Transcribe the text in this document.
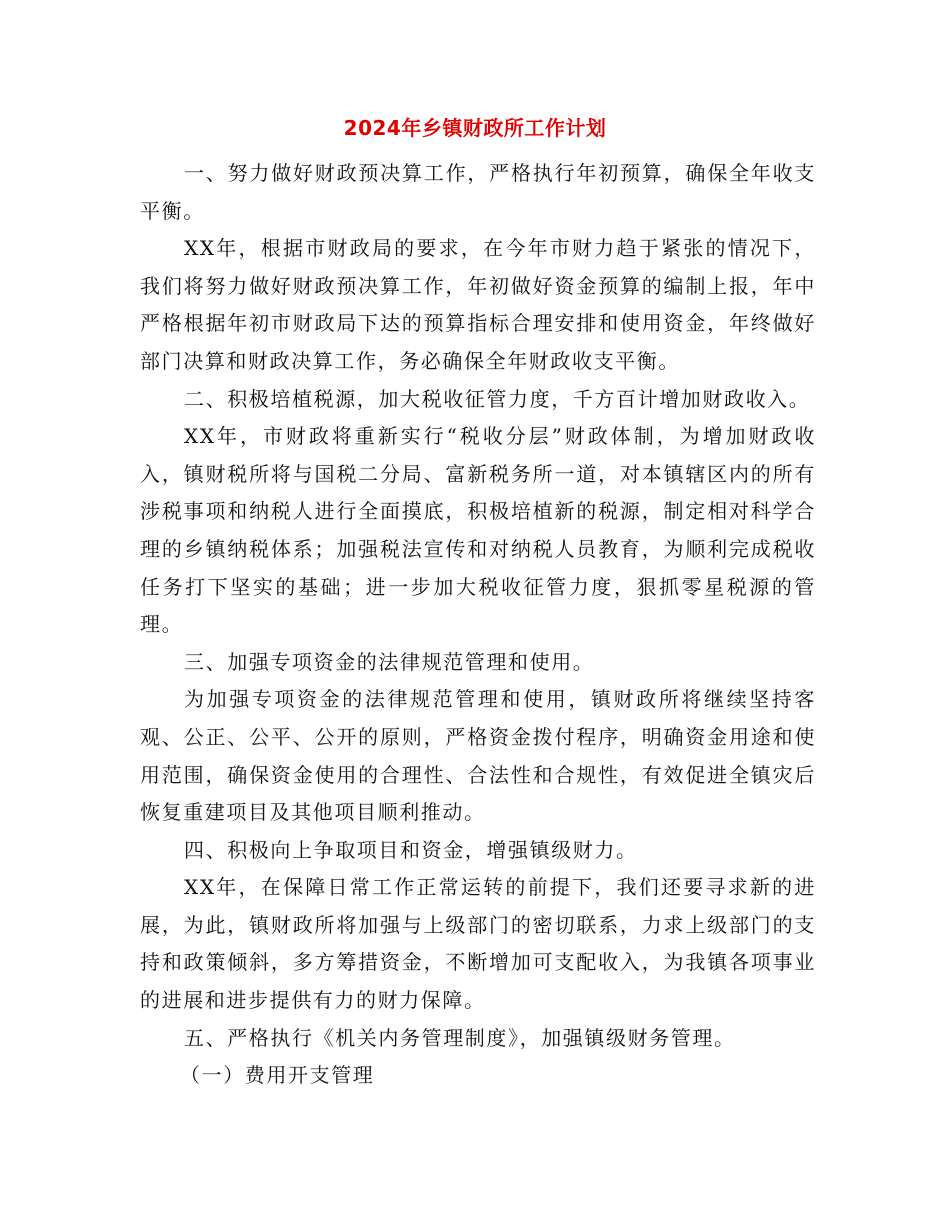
2024年乡镇财政所工作计划

一、努力做好财政预决算工作，严格执行年初预算，确保全年收支平衡。

XX年，根据市财政局的要求，在今年市财力趋于紧张的情况下，我们将努力做好财政预决算工作，年初做好资金预算的编制上报，年中严格根据年初市财政局下达的预算指标合理安排和使用资金，年终做好部门决算和财政决算工作，务必确保全年财政收支平衡。

二、积极培植税源，加大税收征管力度，千方百计增加财政收入。

XX年，市财政将重新实行“税收分层”财政体制，为增加财政收入，镇财税所将与国税二分局、富新税务所一道，对本镇辖区内的所有涉税事项和纳税人进行全面摸底，积极培植新的税源，制定相对科学合理的乡镇纳税体系；加强税法宣传和对纳税人员教育，为顺利完成税收任务打下坚实的基础；进一步加大税收征管力度，狠抓零星税源的管理。

三、加强专项资金的法律规范管理和使用。

为加强专项资金的法律规范管理和使用，镇财政所将继续坚持客观、公正、公平、公开的原则，严格资金拨付程序，明确资金用途和使用范围，确保资金使用的合理性、合法性和合规性，有效促进全镇灾后恢复重建项目及其他项目顺利推动。

四、积极向上争取项目和资金，增强镇级财力。

XX年，在保障日常工作正常运转的前提下，我们还要寻求新的进展，为此，镇财政所将加强与上级部门的密切联系，力求上级部门的支持和政策倾斜，多方筹措资金，不断增加可支配收入，为我镇各项事业的进展和进步提供有力的财力保障。

五、严格执行《机关内务管理制度》，加强镇级财务管理。

（一）费用开支管理
